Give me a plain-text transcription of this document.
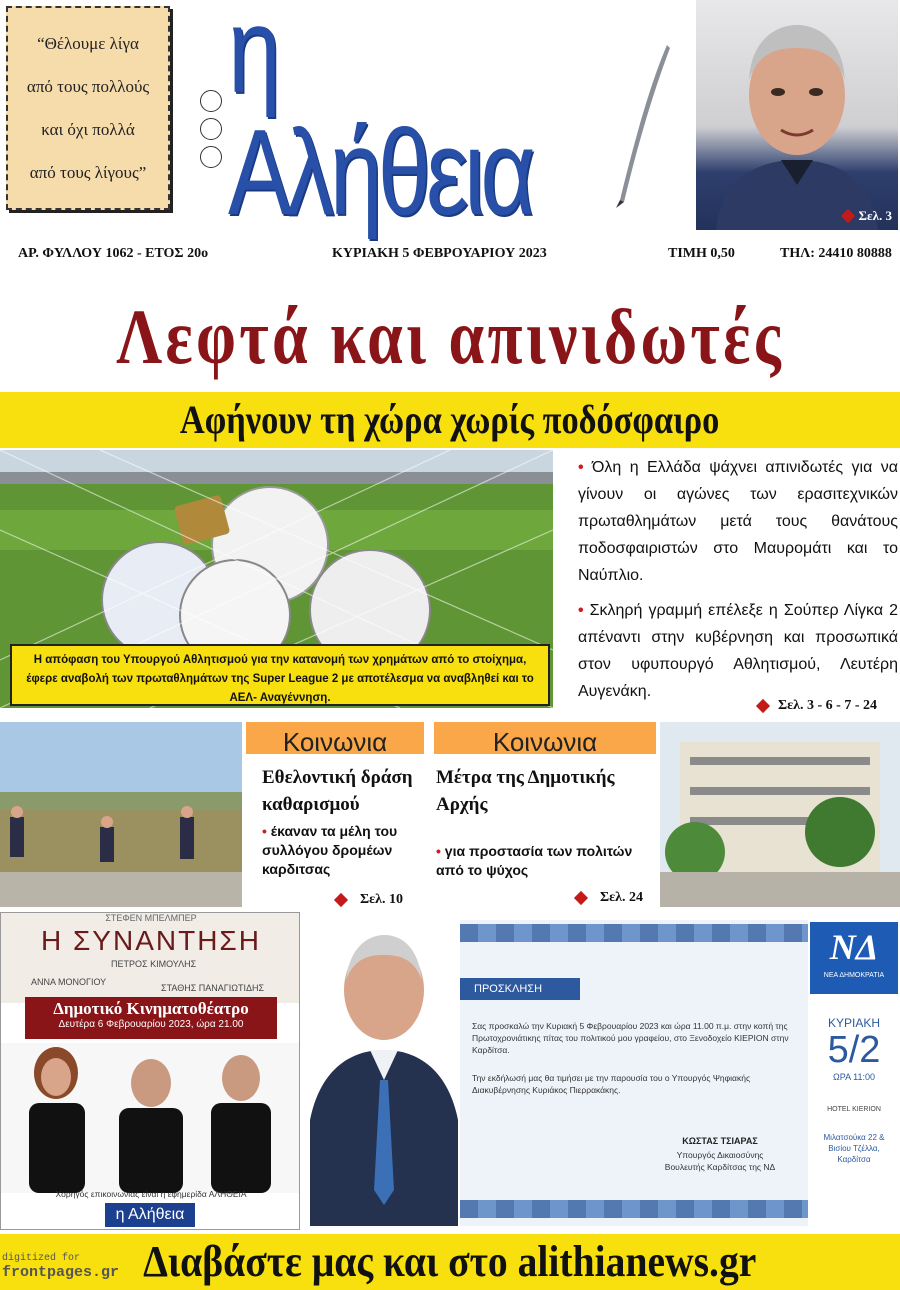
“Θέλουμε λίγα
από τους πολλούς
και όχι πολλά
από τους λίγους”
η Αλήθεια	Σελ. 3
ΑΡ. ΦΥΛΛΟΥ 1062 - ΕΤΟΣ 20ο	ΚΥΡΙΑΚΗ 5 ΦΕΒΡΟΥΑΡΙΟΥ 2023	ΤΙΜΗ 0,50	ΤΗΛ: 24410 80888
Λεφτά και απινιδωτές
Αφήνουν τη χώρα χωρίς ποδόσφαιρο
Η απόφαση του Υπουργού Αθλητισμού για την κατανομή των χρημάτων από το στοίχημα, έφερε αναβολή των πρωταθλημάτων της Super League 2 με αποτέλεσμα να αναβληθεί και το ΑΕΛ- Αναγέννηση.

• Όλη η Ελλάδα ψάχνει απινιδωτές για να γίνουν οι αγώνες των ερασιτεχνικών πρωταθλημάτων μετά τους θανάτους ποδοσφαιριστών στο Μαυρομάτι και το Ναύπλιο.

• Σκληρή γραμμή επέλεξε η Σούπερ Λίγκα 2 απέναντι στην κυβέρνηση και προσωπικά στον υφυπουργό Αθλητισμού, Λευτέρη Αυγενάκη.

Σελ. 3 - 6 - 7 - 24
Κοινωνια
Εθελοντική δράση καθαρισμού
• έκαναν τα μέλη του συλλόγου δρομέων καρδιτσας
Σελ. 10
Κοινωνια
Μέτρα της Δημοτικής Αρχής
• για προστασία των πολιτών από το ψύχος
Σελ. 24
ΣΤΕΦΕΝ ΜΠΕΛΜΠΕΡ
Η ΣΥΝΑΝΤΗΣΗ
ΠΕΤΡΟΣ ΚΙΜΟΥΛΗΣ
ΑΝΝΑ ΜΟΝΟΓΙΟΥ
ΣΤΑΘΗΣ ΠΑΝΑΓΙΩΤΙΔΗΣ
Δημοτικό Κινηματοθέατρο
Δευτέρα 6 Φεβρουαρίου 2023, ώρα 21.00
Χορηγός επικοινωνίας είναι η εφημερίδα ΑΛΗΘΕΙΑ
η Αλήθεια
ΠΡΟΣΚΛΗΣΗ
Σας προσκαλώ την Κυριακή 5 Φεβρουαρίου 2023 και ώρα 11.00 π.μ. στην κοπή της Πρωτοχρονιάτικης πίτας του πολιτικού μου γραφείου, στο Ξενοδοχείο ΚΙΕΡΙΟΝ στην Καρδίτσα.
Την εκδήλωσή μας θα τιμήσει με την παρουσία του ο Υπουργός Ψηφιακής Διακυβέρνησης Κυριάκος Πιερρακάκης.
ΚΩΣΤΑΣ ΤΣΙΑΡΑΣ
Υπουργός Δικαιοσύνης
Βουλευτής Καρδίτσας της ΝΔ
ΝΔ
ΝΕΑ ΔΗΜΟΚΡΑΤΙΑ
ΚΥΡΙΑΚΗ
5/2
ΩΡΑ 11:00
HOTEL KIERION
Μιλατσούκα 22 & Βισίου Τζέλλα, Καρδίτσα
Διαβάστε μας και στο alithianews.gr
digitized for
frontpages.gr
